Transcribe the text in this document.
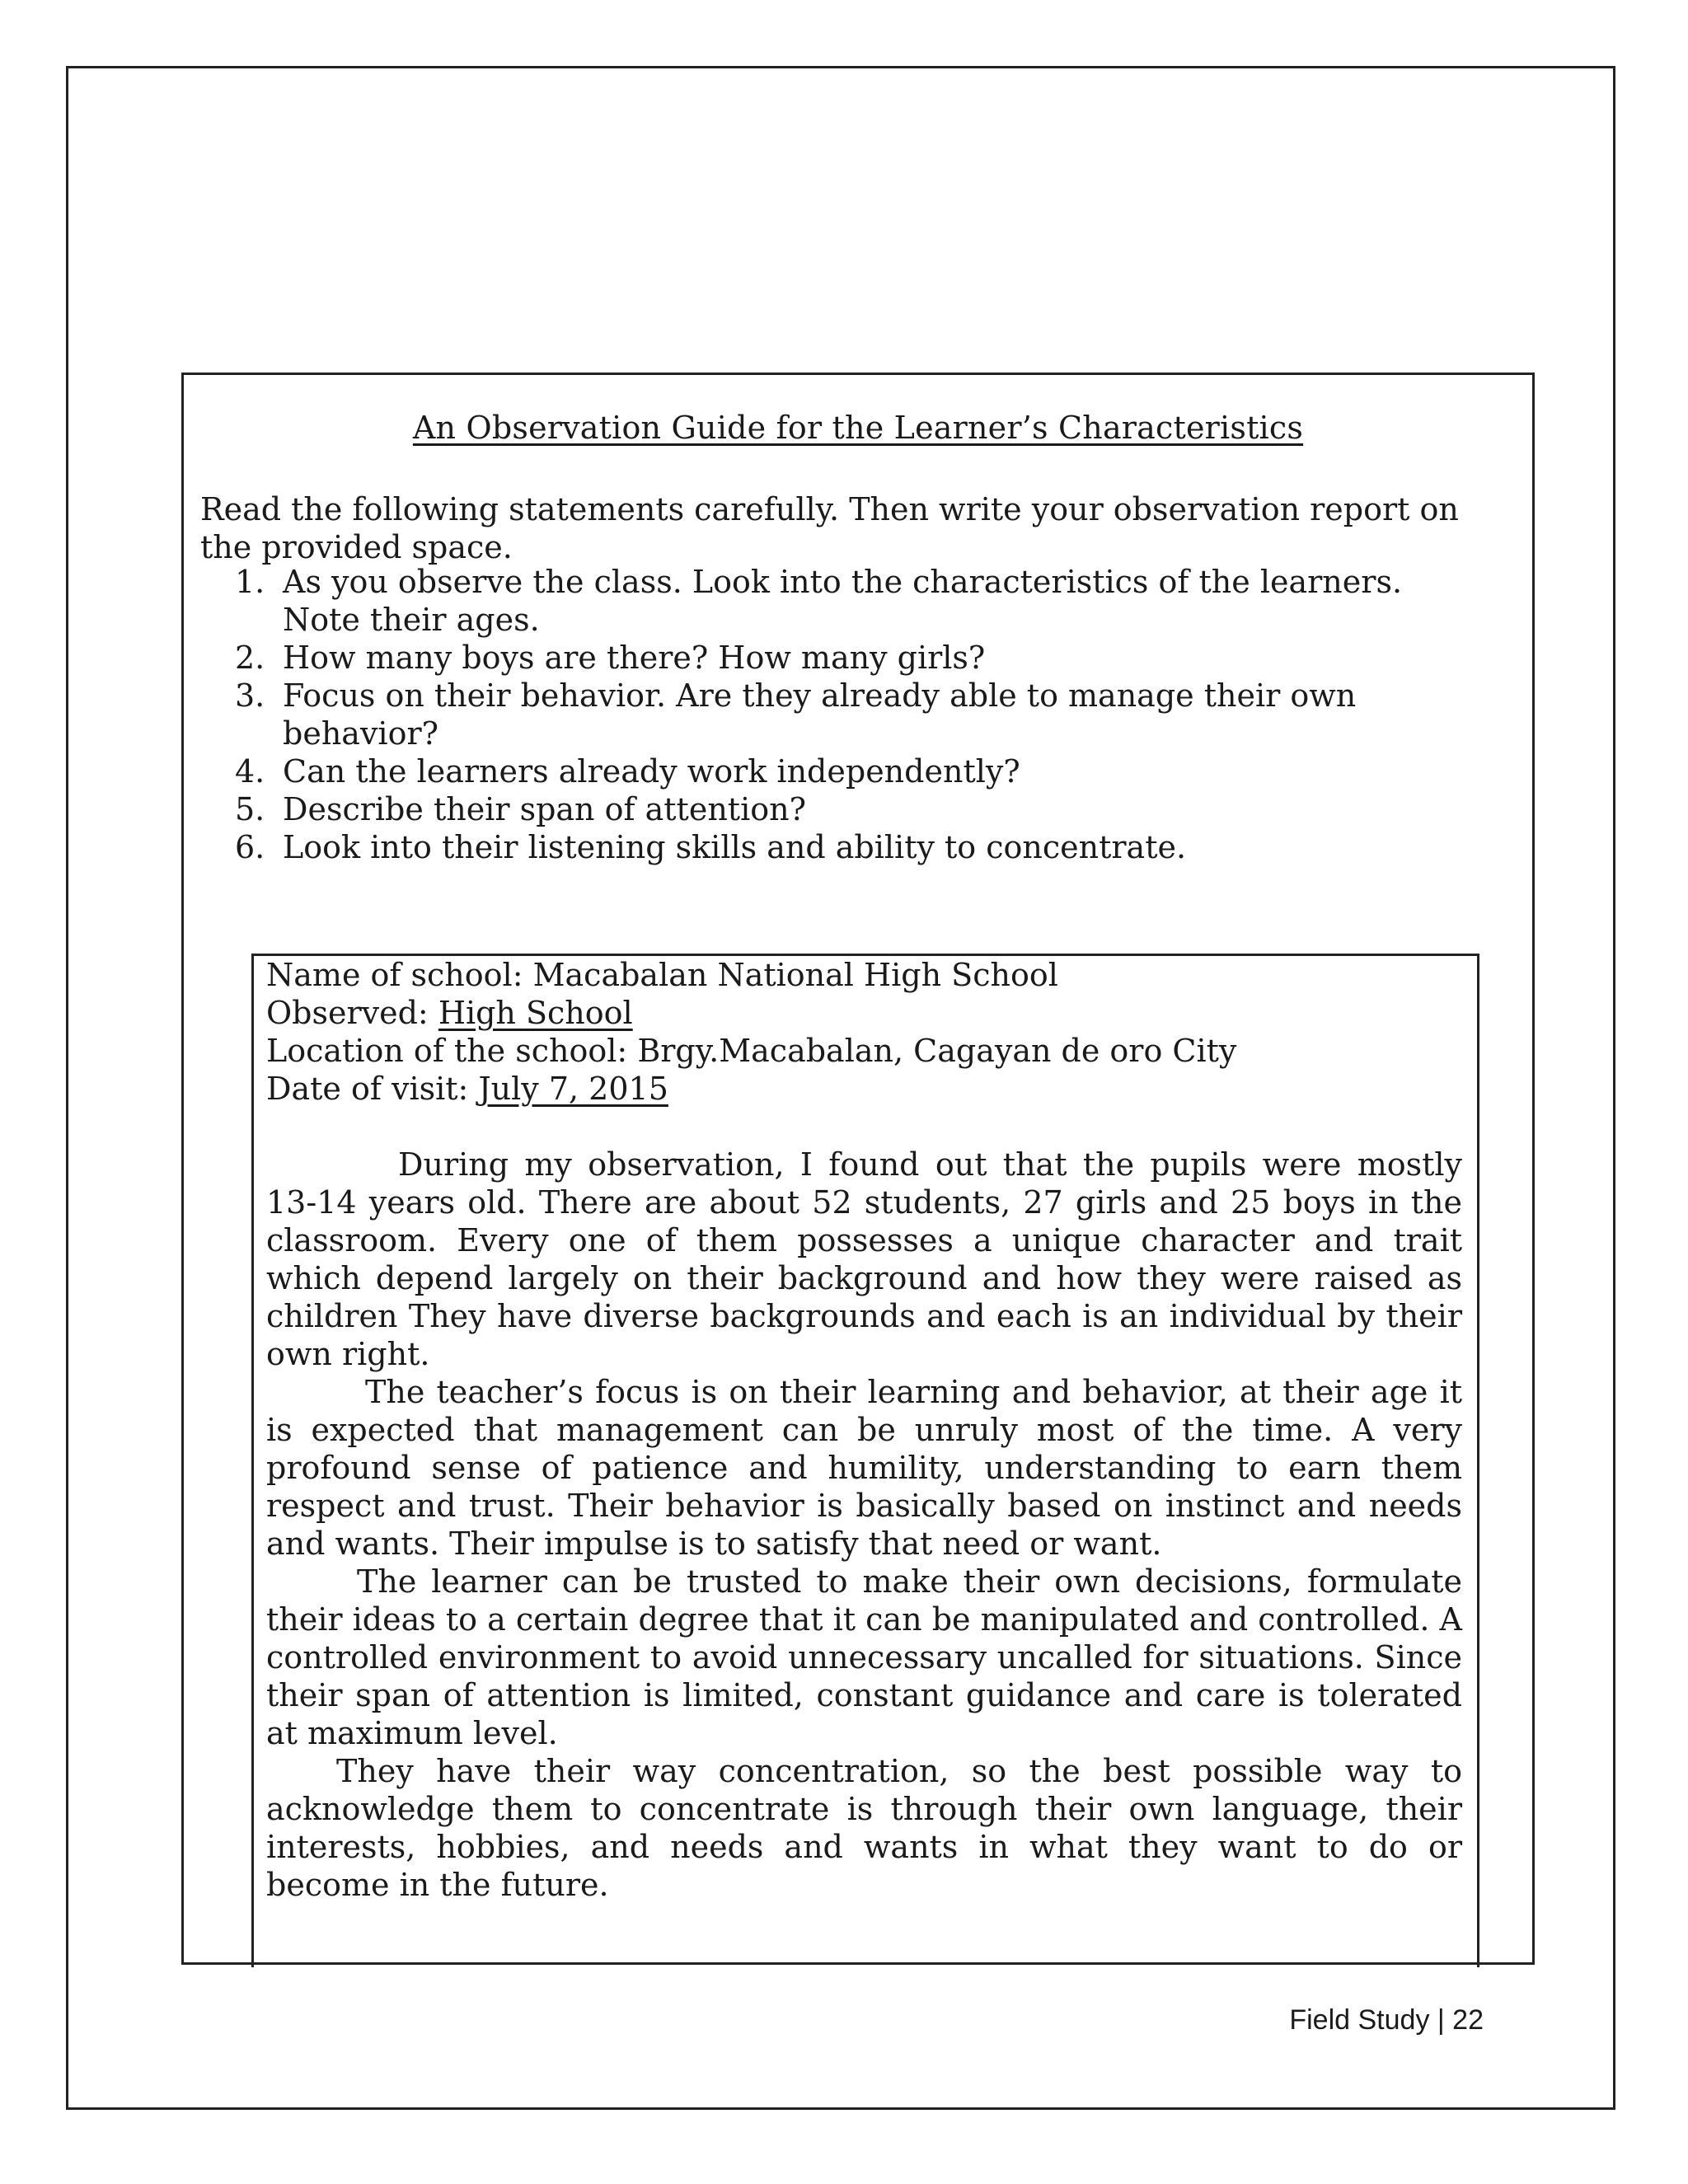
An Observation Guide for the Learner’s Characteristics

Read the following statements carefully. Then write your observation report on the provided space.

1. As you observe the class. Look into the characteristics of the learners. Note their ages.
2. How many boys are there? How many girls?
3. Focus on their behavior. Are they already able to manage their own behavior?
4. Can the learners already work independently?
5. Describe their span of attention?
6. Look into their listening skills and ability to concentrate.

Name of school: Macabalan National High School

Observed: High School

Location of the school: Brgy.Macabalan, Cagayan de oro City

Date of visit: July 7, 2015

During my observation, I found out that the pupils were mostly 13-14 years old. There are about 52 students, 27 girls and 25 boys in the classroom. Every one of them possesses a unique character and trait which depend largely on their background and how they were raised as children They have diverse backgrounds and each is an individual by their own right.

The teacher’s focus is on their learning and behavior, at their age it is expected that management can be unruly most of the time. A very profound sense of patience and humility, understanding to earn them respect and trust. Their behavior is basically based on instinct and needs and wants. Their impulse is to satisfy that need or want.

The learner can be trusted to make their own decisions, formulate their ideas to a certain degree that it can be manipulated and controlled. A controlled environment to avoid unnecessary uncalled for situations. Since their span of attention is limited, constant guidance and care is tolerated at maximum level.

They have their way concentration, so the best possible way to acknowledge them to concentrate is through their own language, their interests, hobbies, and needs and wants in what they want to do or become in the future.

Field Study | 22
